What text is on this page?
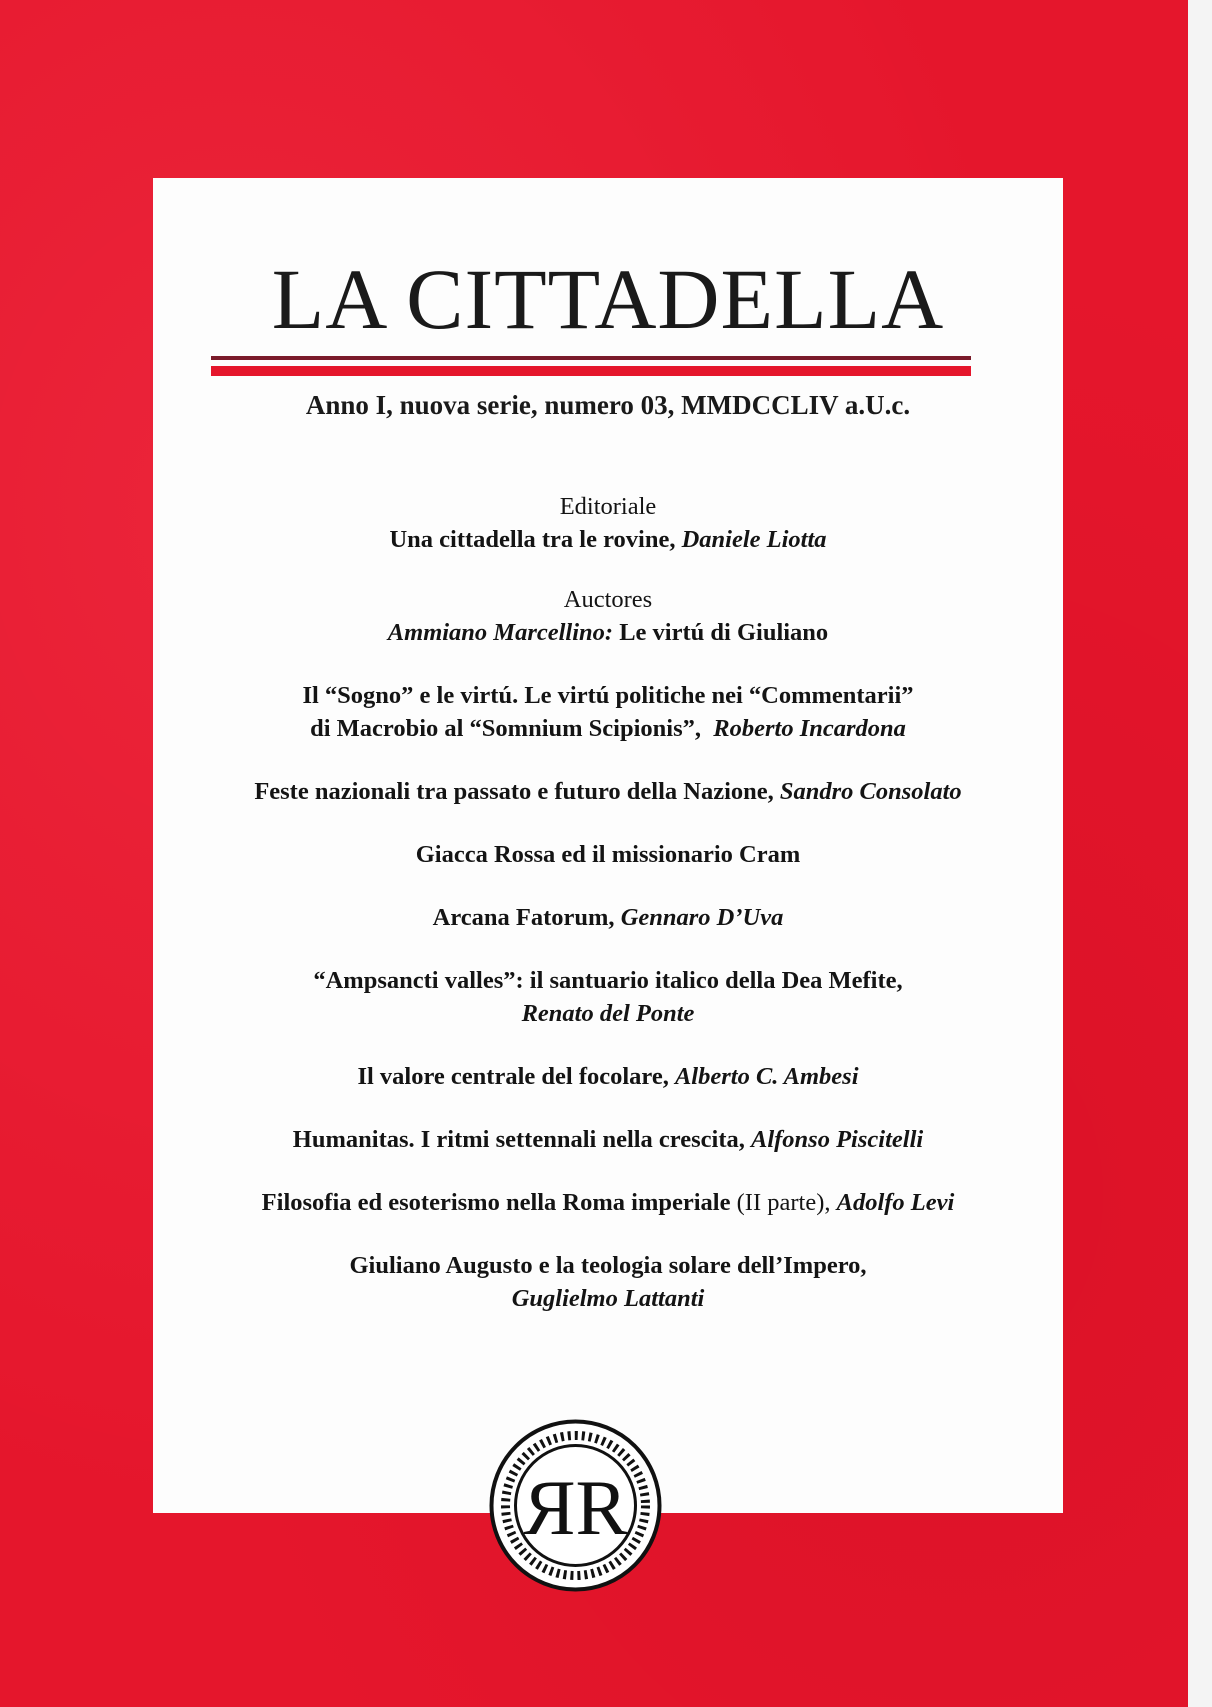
LA CITTADELLA
Anno I, nuova serie, numero 03, MMDCCLIV a.U.c.
Editoriale
Una cittadella tra le rovine, Daniele Liotta
Auctores
Ammiano Marcellino: Le virtú di Giuliano
Il “Sogno” e le virtú. Le virtú politiche nei “Commentarii”
di Macrobio al “Somnium Scipionis”, Roberto Incardona
Feste nazionali tra passato e futuro della Nazione, Sandro Consolato
Giacca Rossa ed il missionario Cram
Arcana Fatorum, Gennaro D’Uva
“Ampsancti valles”: il santuario italico della Dea Mefite,
Renato del Ponte
Il valore centrale del focolare, Alberto C. Ambesi
Humanitas. I ritmi settennali nella crescita, Alfonso Piscitelli
Filosofia ed esoterismo nella Roma imperiale (II parte), Adolfo Levi
Giuliano Augusto e la teologia solare dell’Impero,
Guglielmo Lattanti
ЯR
